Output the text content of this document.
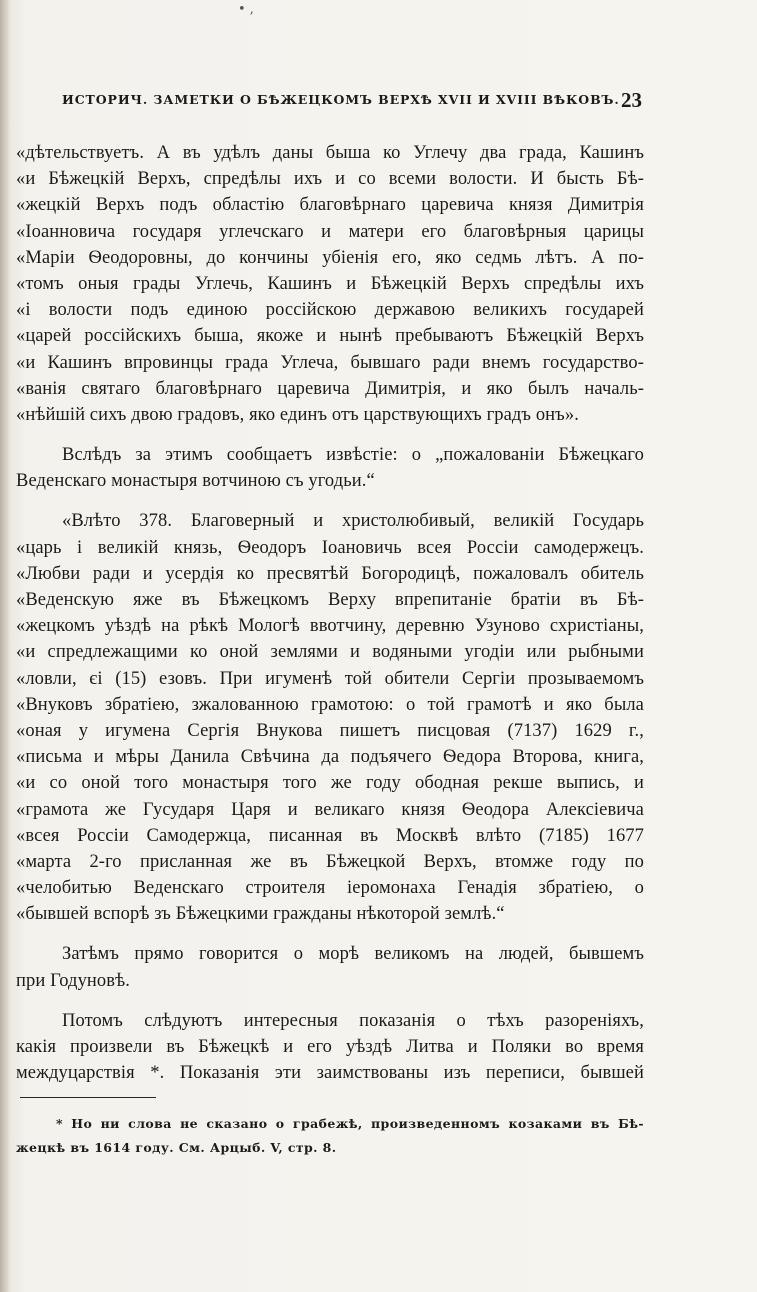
• ,
ИСТОРИЧ. ЗАМЕТКИ О БѢЖЕЦКОМЪ ВЕРХѢ XVII И XVIII ВѢКОВЪ. 23
«дѣтельствуетъ. А въ удѣлъ даны быша ко Углечу два града, Кашинъ
«и Бѣжецкій Верхъ, спредѣлы ихъ и со всеми волости. И бысть Бѣ-
«жецкій Верхъ подъ областію благовѣрнаго царевича князя Димитрія
«Іоанновича государя углечскаго и матери его благовѣрныя царицы
«Маріи Ѳеодоровны, до кончины убіенія его, яко седмь лѣтъ. А по-
«томъ оныя грады Углечь, Кашинъ и Бѣжецкій Верхъ спредѣлы ихъ
«і волости подъ единою россійскою державою великихъ государей
«царей россійскихъ быша, якоже и нынѣ пребываютъ Бѣжецкій Верхъ
«и Кашинъ впровинцы града Углеча, бывшаго ради внемъ государство-
«ванія святаго благовѣрнаго царевича Димитрія, и яко былъ началь-
«нѣйшій сихъ двою градовъ, яко единъ отъ царствующихъ градъ онъ».
Вслѣдъ за этимъ сообщаетъ извѣстіе: о „пожалованіи Бѣжецкаго
Веденскаго монастыря вотчиною съ угодьи.“
«Влѣто 378. Благоверный и христолюбивый, великій Государь
«царь і великій князь, Ѳеодоръ Іоановичь всея Россіи самодержецъ.
«Любви ради и усердія ко пресвятѣй Богородицѣ, пожаловалъ обитель
«Веденскую яже въ Бѣжецкомъ Верху впрепитаніе братіи въ Бѣ-
«жецкомъ уѣздѣ на рѣкѣ Мологѣ ввотчину, деревню Узуново схристіаны,
«и спредлежащими ко оной землями и водяными угодіи или рыбными
«ловли, єі (15) езовъ. При игуменѣ той обители Сергіи прозываемомъ
«Внуковъ збратіею, зжалованною грамотою: о той грамотѣ и яко была
«оная у игумена Сергія Внукова пишетъ писцовая (7137) 1629 г.,
«письма и мѣры Данила Свѣчина да подъячего Ѳедора Второва, книга,
«и со оной того монастыря того же году ободная рекше выпись, и
«грамота же Гусударя Царя и великаго князя Ѳеодора Алексіевича
«всея Россіи Самодержца, писанная въ Москвѣ влѣто (7185) 1677
«марта 2-го присланная же въ Бѣжецкой Верхъ, втомже году по
«челобитью Веденскаго строителя іеромонаха Генадія збратіею, о
«бывшей вспорѣ зъ Бѣжецкими гражданы нѣкоторой землѣ.“
Затѣмъ прямо говорится о морѣ великомъ на людей, бывшемъ
при Годуновѣ.
Потомъ слѣдуютъ интересныя показанія о тѣхъ разореніяхъ,
какія произвели въ Бѣжецкѣ и его уѣздѣ Литва и Поляки во время
междуцарствія *. Показанія эти заимствованы изъ переписи, бывшей
* Но ни слова не сказано о грабежѣ, произведенномъ козаками въ Бѣ-
жецкѣ въ 1614 году. См. Арцыб. V, стр. 8.
